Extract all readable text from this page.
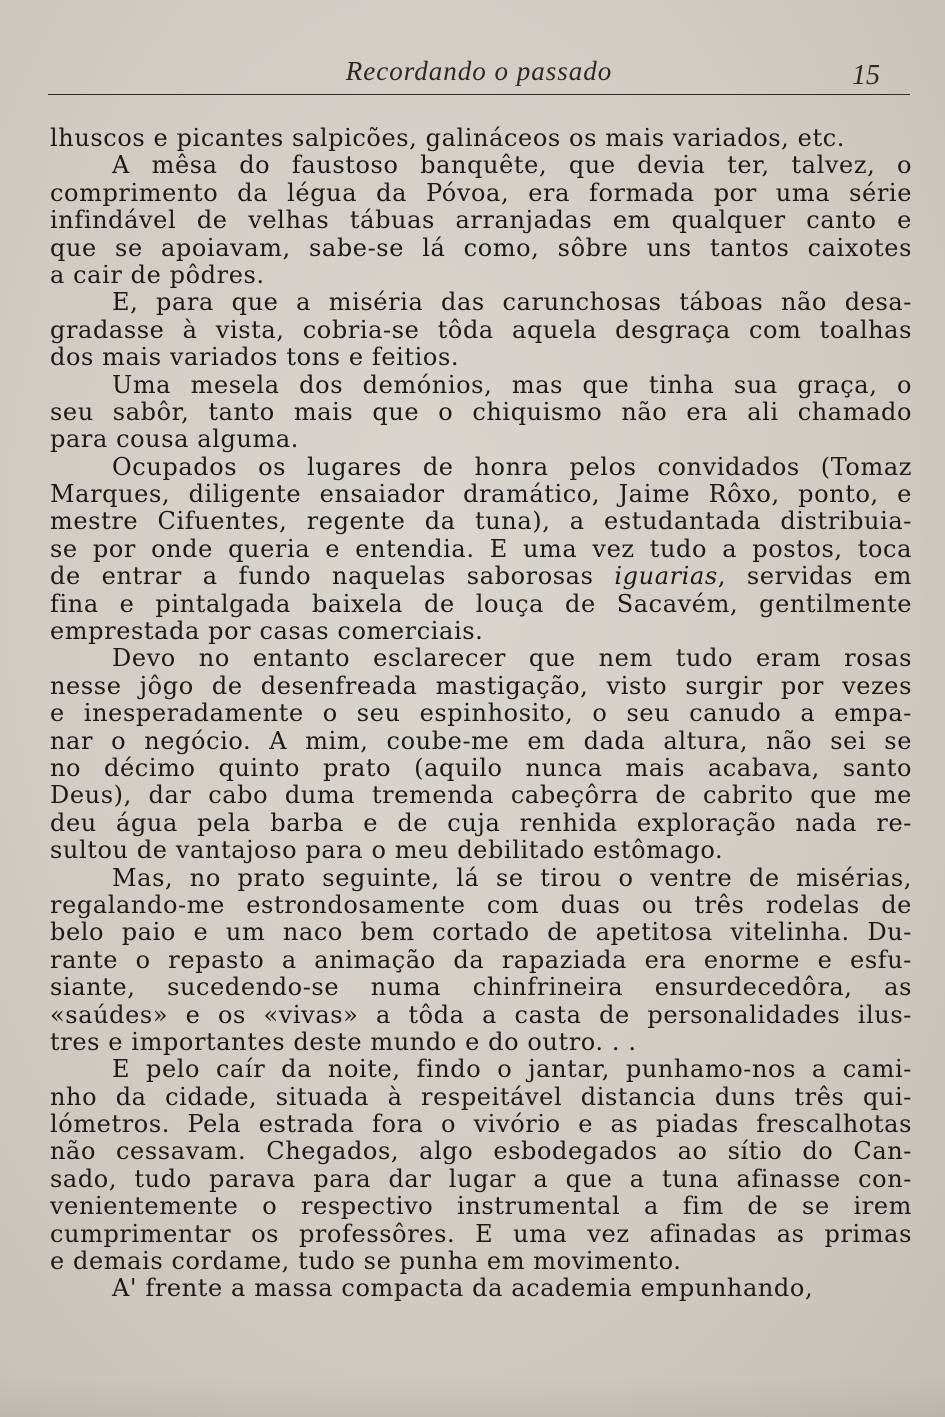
Recordando o passado	15
lhuscos e picantes salpicões, galináceos os mais variados, etc.
A mêsa do faustoso banquête, que devia ter, talvez, o
comprimento da légua da Póvoa, era formada por uma série
infindável de velhas tábuas arranjadas em qualquer canto e
que se apoiavam, sabe-se lá como, sôbre uns tantos caixotes
a cair de pôdres.
E, para que a miséria das carunchosas táboas não desa-
gradasse à vista, cobria-se tôda aquela desgraça com toalhas
dos mais variados tons e feitios.
Uma mesela dos demónios, mas que tinha sua graça, o
seu sabôr, tanto mais que o chiquismo não era ali chamado
para cousa alguma.
Ocupados os lugares de honra pelos convidados (Tomaz
Marques, diligente ensaiador dramático, Jaime Rôxo, ponto, e
mestre Cifuentes, regente da tuna), a estudantada distribuia-
se por onde queria e entendia. E uma vez tudo a postos, toca
de entrar a fundo naquelas saborosas iguarias, servidas em
fina e pintalgada baixela de louça de Sacavém, gentilmente
emprestada por casas comerciais.
Devo no entanto esclarecer que nem tudo eram rosas
nesse jôgo de desenfreada mastigação, visto surgir por vezes
e inesperadamente o seu espinhosito, o seu canudo a empa-
nar o negócio. A mim, coube-me em dada altura, não sei se
no décimo quinto prato (aquilo nunca mais acabava, santo
Deus), dar cabo duma tremenda cabeçôrra de cabrito que me
deu água pela barba e de cuja renhida exploração nada re-
sultou de vantajoso para o meu debilitado estômago.
Mas, no prato seguinte, lá se tirou o ventre de misérias,
regalando-me estrondosamente com duas ou três rodelas de
belo paio e um naco bem cortado de apetitosa vitelinha. Du-
rante o repasto a animação da rapaziada era enorme e esfu-
siante, sucedendo-se numa chinfrineira ensurdecedôra, as
«saúdes» e os «vivas» a tôda a casta de personalidades ilus-
tres e importantes deste mundo e do outro. . .
E pelo caír da noite, findo o jantar, punhamo-nos a cami-
nho da cidade, situada à respeitável distancia duns três qui-
lómetros. Pela estrada fora o vivório e as piadas frescalhotas
não cessavam. Chegados, algo esbodegados ao sítio do Can-
sado, tudo parava para dar lugar a que a tuna afinasse con-
venientemente o respectivo instrumental a fim de se irem
cumprimentar os professôres. E uma vez afinadas as primas
e demais cordame, tudo se punha em movimento.
A' frente a massa compacta da academia empunhando,
